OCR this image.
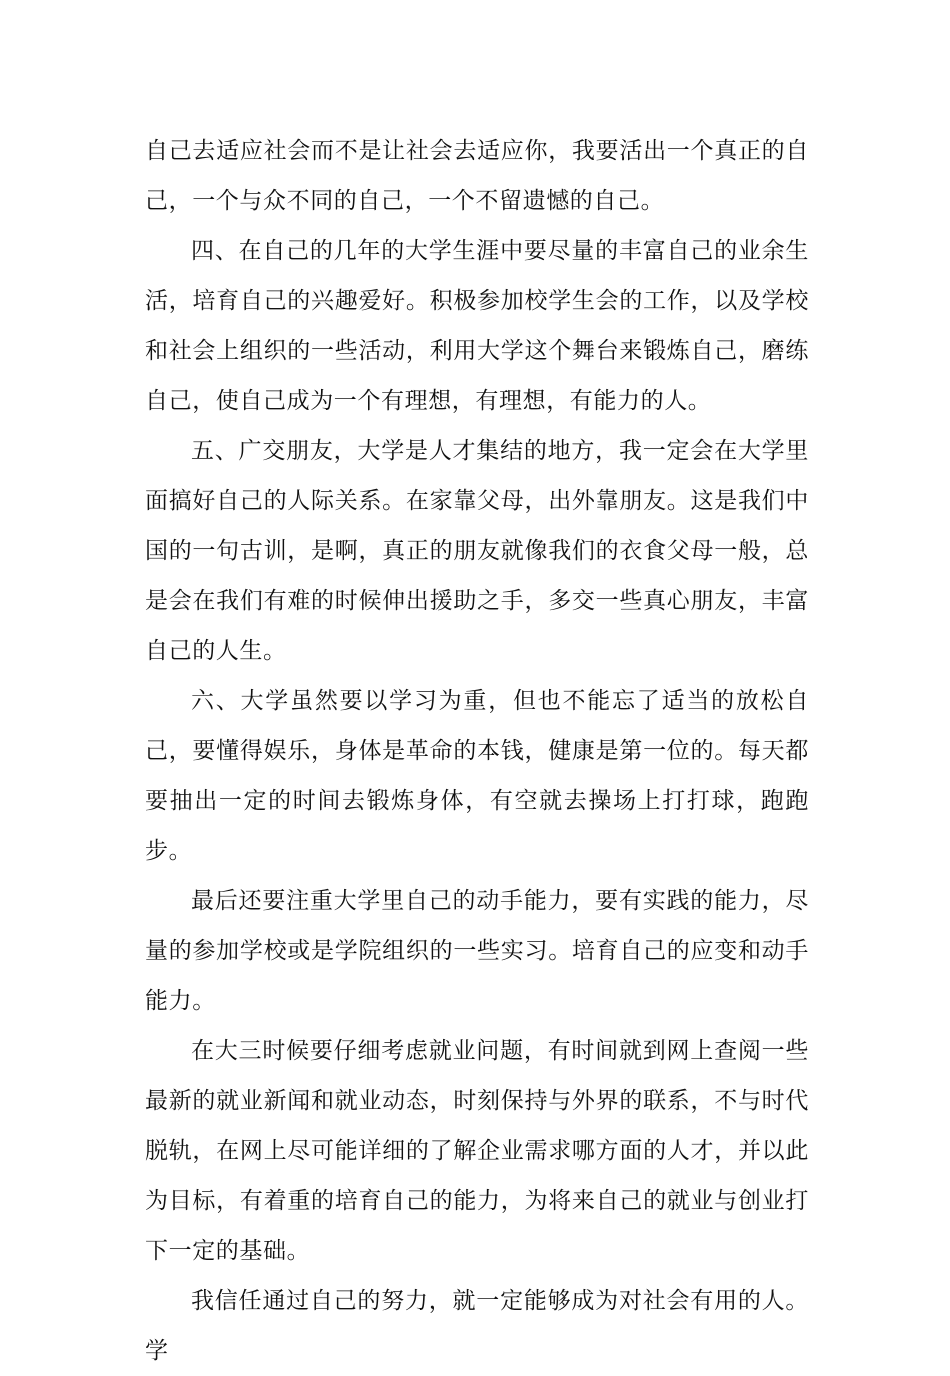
自己去适应社会而不是让社会去适应你，我要活出一个真正的自己，一个与众不同的自己，一个不留遗憾的自己。

四、在自己的几年的大学生涯中要尽量的丰富自己的业余生活，培育自己的兴趣爱好。积极参加校学生会的工作，以及学校和社会上组织的一些活动，利用大学这个舞台来锻炼自己，磨练自己，使自己成为一个有理想，有理想，有能力的人。

五、广交朋友，大学是人才集结的地方，我一定会在大学里面搞好自己的人际关系。在家靠父母，出外靠朋友。这是我们中国的一句古训，是啊，真正的朋友就像我们的衣食父母一般，总是会在我们有难的时候伸出援助之手，多交一些真心朋友，丰富自己的人生。

六、大学虽然要以学习为重，但也不能忘了适当的放松自己，要懂得娱乐，身体是革命的本钱，健康是第一位的。每天都要抽出一定的时间去锻炼身体，有空就去操场上打打球，跑跑步。

最后还要注重大学里自己的动手能力，要有实践的能力，尽量的参加学校或是学院组织的一些实习。培育自己的应变和动手能力。

在大三时候要仔细考虑就业问题，有时间就到网上查阅一些最新的就业新闻和就业动态，时刻保持与外界的联系，不与时代脱轨，在网上尽可能详细的了解企业需求哪方面的人才，并以此为目标，有着重的培育自己的能力，为将来自己的就业与创业打下一定的基础。

我信任通过自己的努力，就一定能够成为对社会有用的人。学
